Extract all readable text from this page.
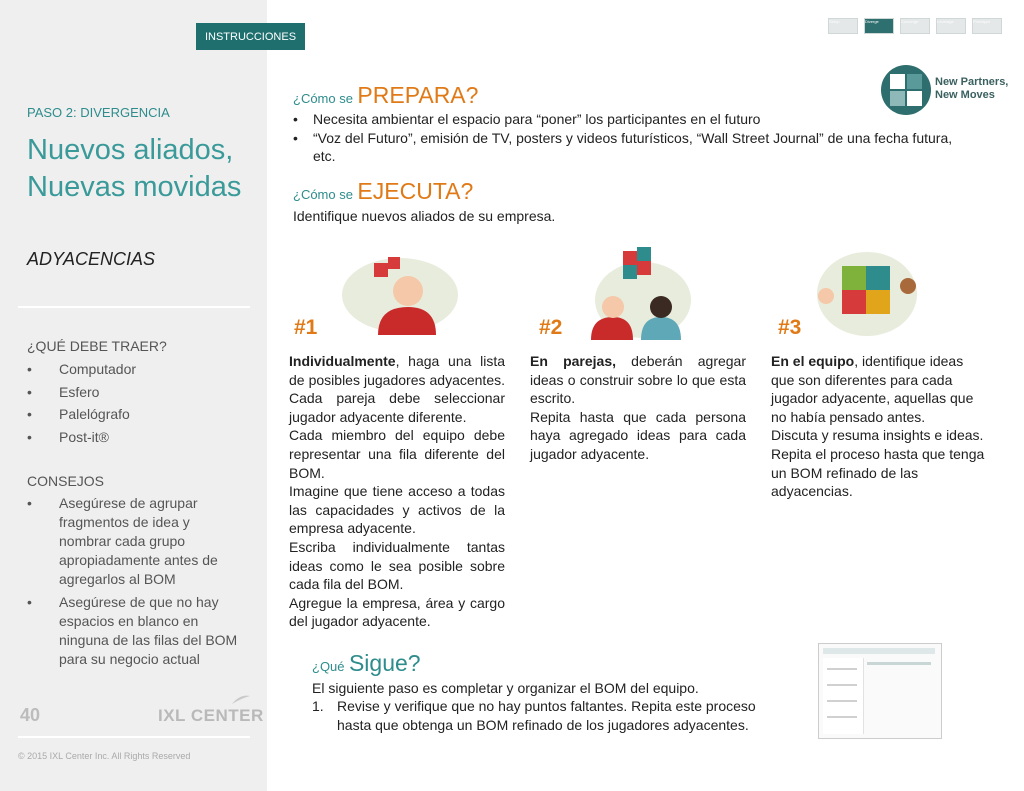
PASO 2: DIVERGENCIA
Nuevos aliados,
Nuevas movidas
ADYACENCIAS
¿QUÉ DEBE TRAER?
• Computador
• Esfero
• Palelógrafo
• Post-it®
CONSEJOS
• Asegúrese de agrupar fragmentos de idea y nombrar cada grupo apropiadamente antes de agregarlos al BOM
• Asegúrese de que no hay espacios en blanco en ninguna de las filas del BOM para su negocio actual
40	IXL CENTER
© 2015 IXL Center Inc. All Rights Reserved
INSTRUCCIONES
Setup	Diverge	Converge	Leverage	Prototype
New Partners,
New Moves
¿Cómo se PREPARA?
• Necesita ambientar el espacio para “poner” los participantes en el futuro
• “Voz del Futuro”, emisión de TV, posters y videos futurísticos, “Wall Street Journal” de una fecha futura, etc.
¿Cómo se EJECUTA?
Identifique nuevos aliados de su empresa.
#1	#2	#3
Individualmente, haga una lista de posibles jugadores adyacentes. Cada pareja debe seleccionar jugador adyacente diferente.
Cada miembro del equipo debe representar una fila diferente del BOM.
Imagine que tiene acceso a todas las capacidades y activos de la empresa adyacente.
Escriba individualmente tantas ideas como le sea posible sobre cada fila del BOM.
Agregue la empresa, área y cargo del jugador adyacente.
En parejas, deberán agregar ideas o construir sobre lo que esta escrito.
Repita hasta que cada persona haya agregado ideas para cada jugador adyacente.
En el equipo, identifique ideas que son diferentes para cada jugador adyacente, aquellas que no había pensado antes.
Discuta y resuma insights e ideas.
Repita el proceso hasta que tenga un BOM refinado de las adyacencias.
¿Qué Sigue?
El siguiente paso es completar y organizar el BOM del equipo.
1. Revise y verifique que no hay puntos faltantes. Repita este proceso hasta que obtenga un BOM refinado de los jugadores adyacentes.
